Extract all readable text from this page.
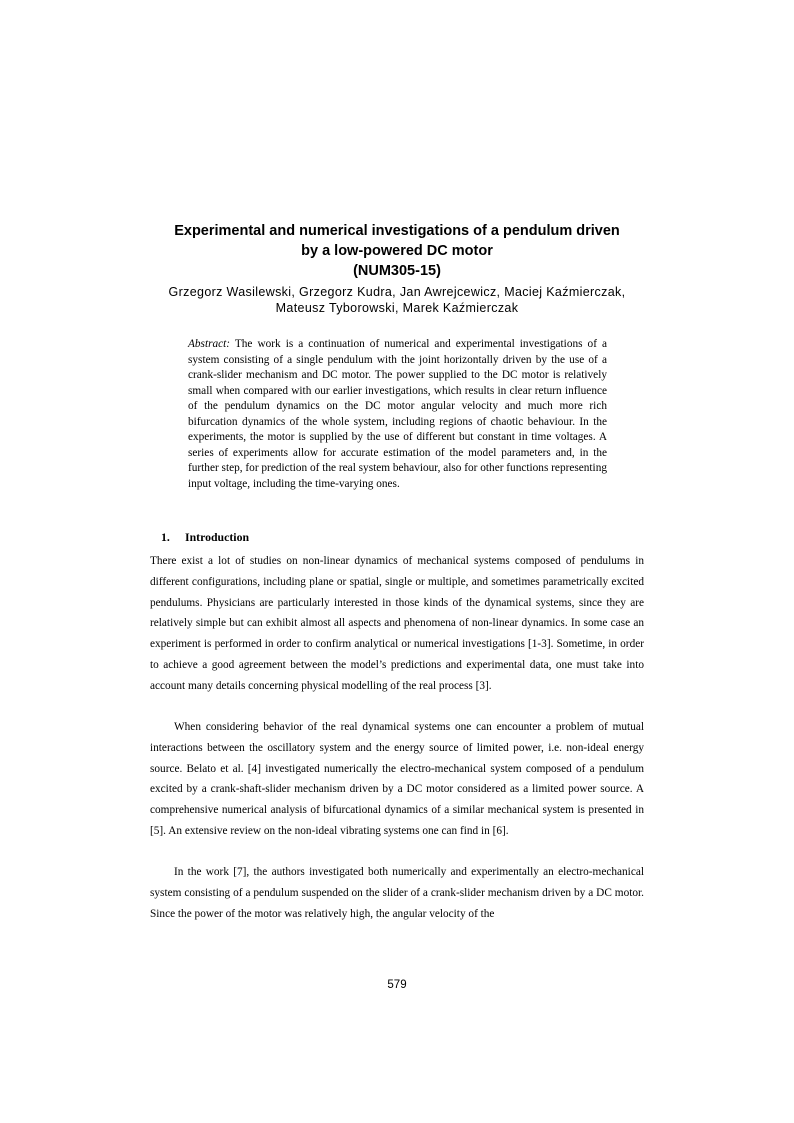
Experimental and numerical investigations of a pendulum driven
by a low-powered DC motor
(NUM305-15)
Grzegorz Wasilewski, Grzegorz Kudra, Jan Awrejcewicz, Maciej Kaźmierczak,
Mateusz Tyborowski, Marek Kaźmierczak
Abstract: The work is a continuation of numerical and experimental investigations of a system consisting of a single pendulum with the joint horizontally driven by the use of a crank-slider mechanism and DC motor. The power supplied to the DC motor is relatively small when compared with our earlier investigations, which results in clear return influence of the pendulum dynamics on the DC motor angular velocity and much more rich bifurcation dynamics of the whole system, including regions of chaotic behaviour. In the experiments, the motor is supplied by the use of different but constant in time voltages. A series of experiments allow for accurate estimation of the model parameters and, in the further step, for prediction of the real system behaviour, also for other functions representing input voltage, including the time-varying ones.
1. Introduction

There exist a lot of studies on non-linear dynamics of mechanical systems composed of pendulums in different configurations, including plane or spatial, single or multiple, and sometimes parametrically excited pendulums. Physicians are particularly interested in those kinds of the dynamical systems, since they are relatively simple but can exhibit almost all aspects and phenomena of non-linear dynamics. In some case an experiment is performed in order to confirm analytical or numerical investigations [1-3]. Sometime, in order to achieve a good agreement between the model’s predictions and experimental data, one must take into account many details concerning physical modelling of the real process [3].

When considering behavior of the real dynamical systems one can encounter a problem of mutual interactions between the oscillatory system and the energy source of limited power, i.e. non-ideal energy source. Belato et al. [4] investigated numerically the electro-mechanical system composed of a pendulum excited by a crank-shaft-slider mechanism driven by a DC motor considered as a limited power source. A comprehensive numerical analysis of bifurcational dynamics of a similar mechanical system is presented in [5]. An extensive review on the non-ideal vibrating systems one can find in [6].

In the work [7], the authors investigated both numerically and experimentally an electro-mechanical system consisting of a pendulum suspended on the slider of a crank-slider mechanism driven by a DC motor. Since the power of the motor was relatively high, the angular velocity of the

579
